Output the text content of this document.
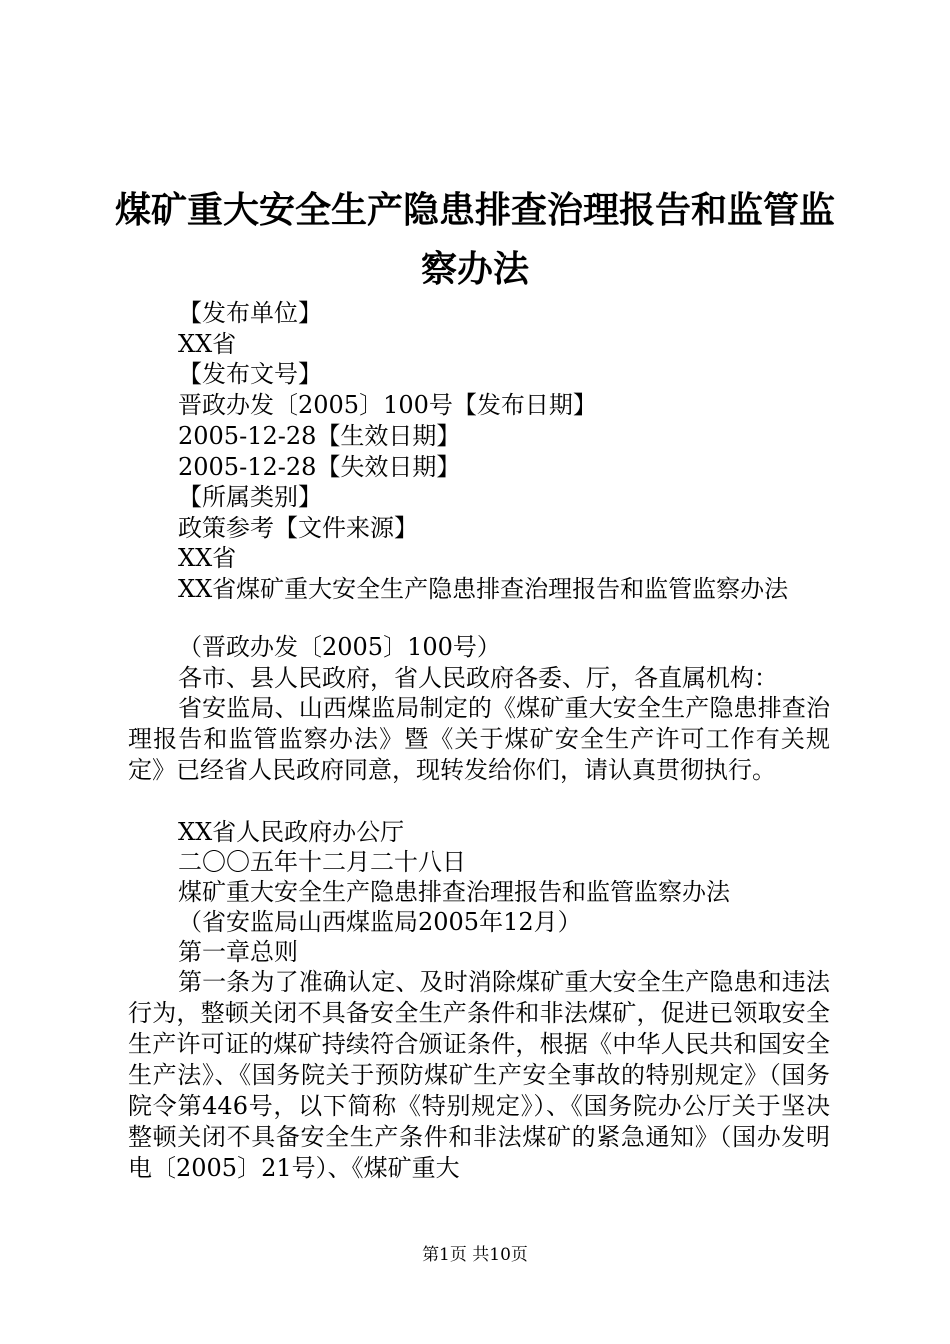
煤矿重大安全生产隐患排查治理报告和监管监
察办法
【发布单位】
XX省
【发布文号】
晋政办发〔2005〕100号【发布日期】
2005-12-28【生效日期】
2005-12-28【失效日期】
【所属类别】
政策参考【文件来源】
XX省
XX省煤矿重大安全生产隐患排查治理报告和监管监察办法
（晋政办发〔2005〕100号）
各市、县人民政府，省人民政府各委、厅，各直属机构：
省安监局、山西煤监局制定的《煤矿重大安全生产隐患排查治理报告和监管监察办法》暨《关于煤矿安全生产许可工作有关规定》已经省人民政府同意，现转发给你们，请认真贯彻执行。
XX省人民政府办公厅
二〇〇五年十二月二十八日
煤矿重大安全生产隐患排查治理报告和监管监察办法
（省安监局山西煤监局2005年12月）
第一章总则
第一条为了准确认定、及时消除煤矿重大安全生产隐患和违法行为，整顿关闭不具备安全生产条件和非法煤矿，促进已领取安全生产许可证的煤矿持续符合颁证条件，根据《中华人民共和国安全生产法》、《国务院关于预防煤矿生产安全事故的特别规定》（国务院令第446号，以下简称《特别规定》）、《国务院办公厅关于坚决整顿关闭不具备安全生产条件和非法煤矿的紧急通知》（国办发明电〔2005〕21号）、《煤矿重大
第1页 共10页
